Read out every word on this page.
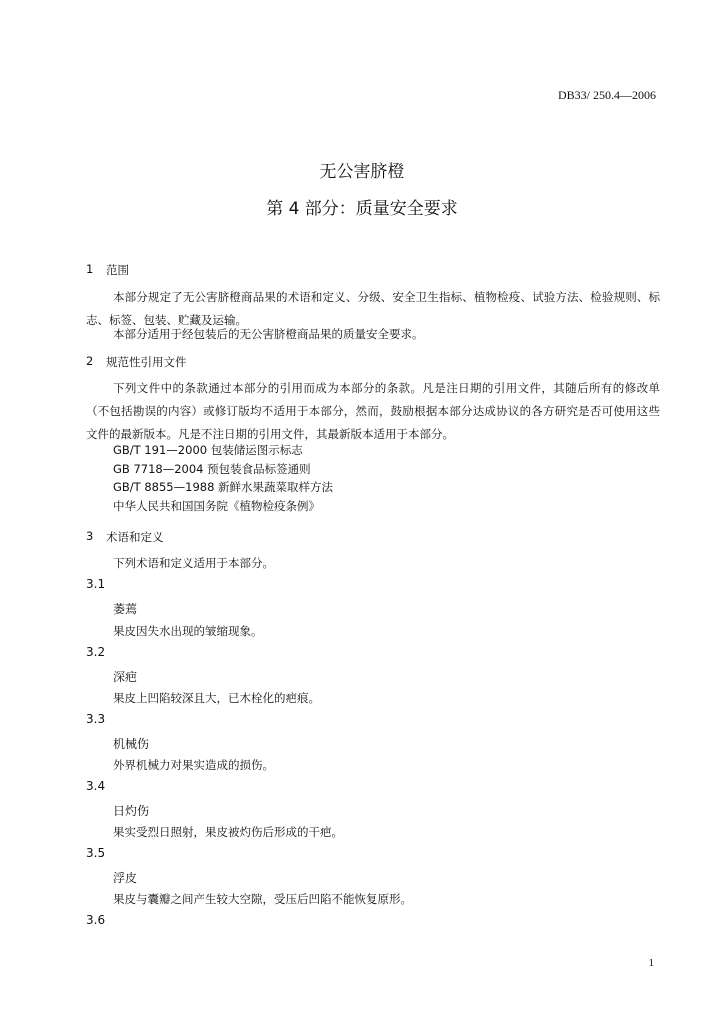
DB33/ 250.4—2006
无公害脐橙
第 4 部分：质量安全要求
1 范围
本部分规定了无公害脐橙商品果的术语和定义、分级、安全卫生指标、植物检疫、试验方法、检验规则、标志、标签、包装、贮藏及运输。
本部分适用于经包装后的无公害脐橙商品果的质量安全要求。
2 规范性引用文件
下列文件中的条款通过本部分的引用而成为本部分的条款。凡是注日期的引用文件，其随后所有的修改单（不包括勘误的内容）或修订版均不适用于本部分，然而，鼓励根据本部分达成协议的各方研究是否可使用这些文件的最新版本。凡是不注日期的引用文件，其最新版本适用于本部分。
GB/T 191—2000 包装储运图示标志
GB 7718—2004 预包装食品标签通则
GB/T 8855—1988 新鲜水果蔬菜取样方法
中华人民共和国国务院《植物检疫条例》
3 术语和定义
下列术语和定义适用于本部分。
3.1
萎蔫
果皮因失水出现的皱缩现象。
3.2
深疤
果皮上凹陷较深且大，已木栓化的疤痕。
3.3
机械伤
外界机械力对果实造成的损伤。
3.4
日灼伤
果实受烈日照射，果皮被灼伤后形成的干疤。
3.5
浮皮
果皮与囊瓣之间产生较大空隙，受压后凹陷不能恢复原形。
3.6
1
